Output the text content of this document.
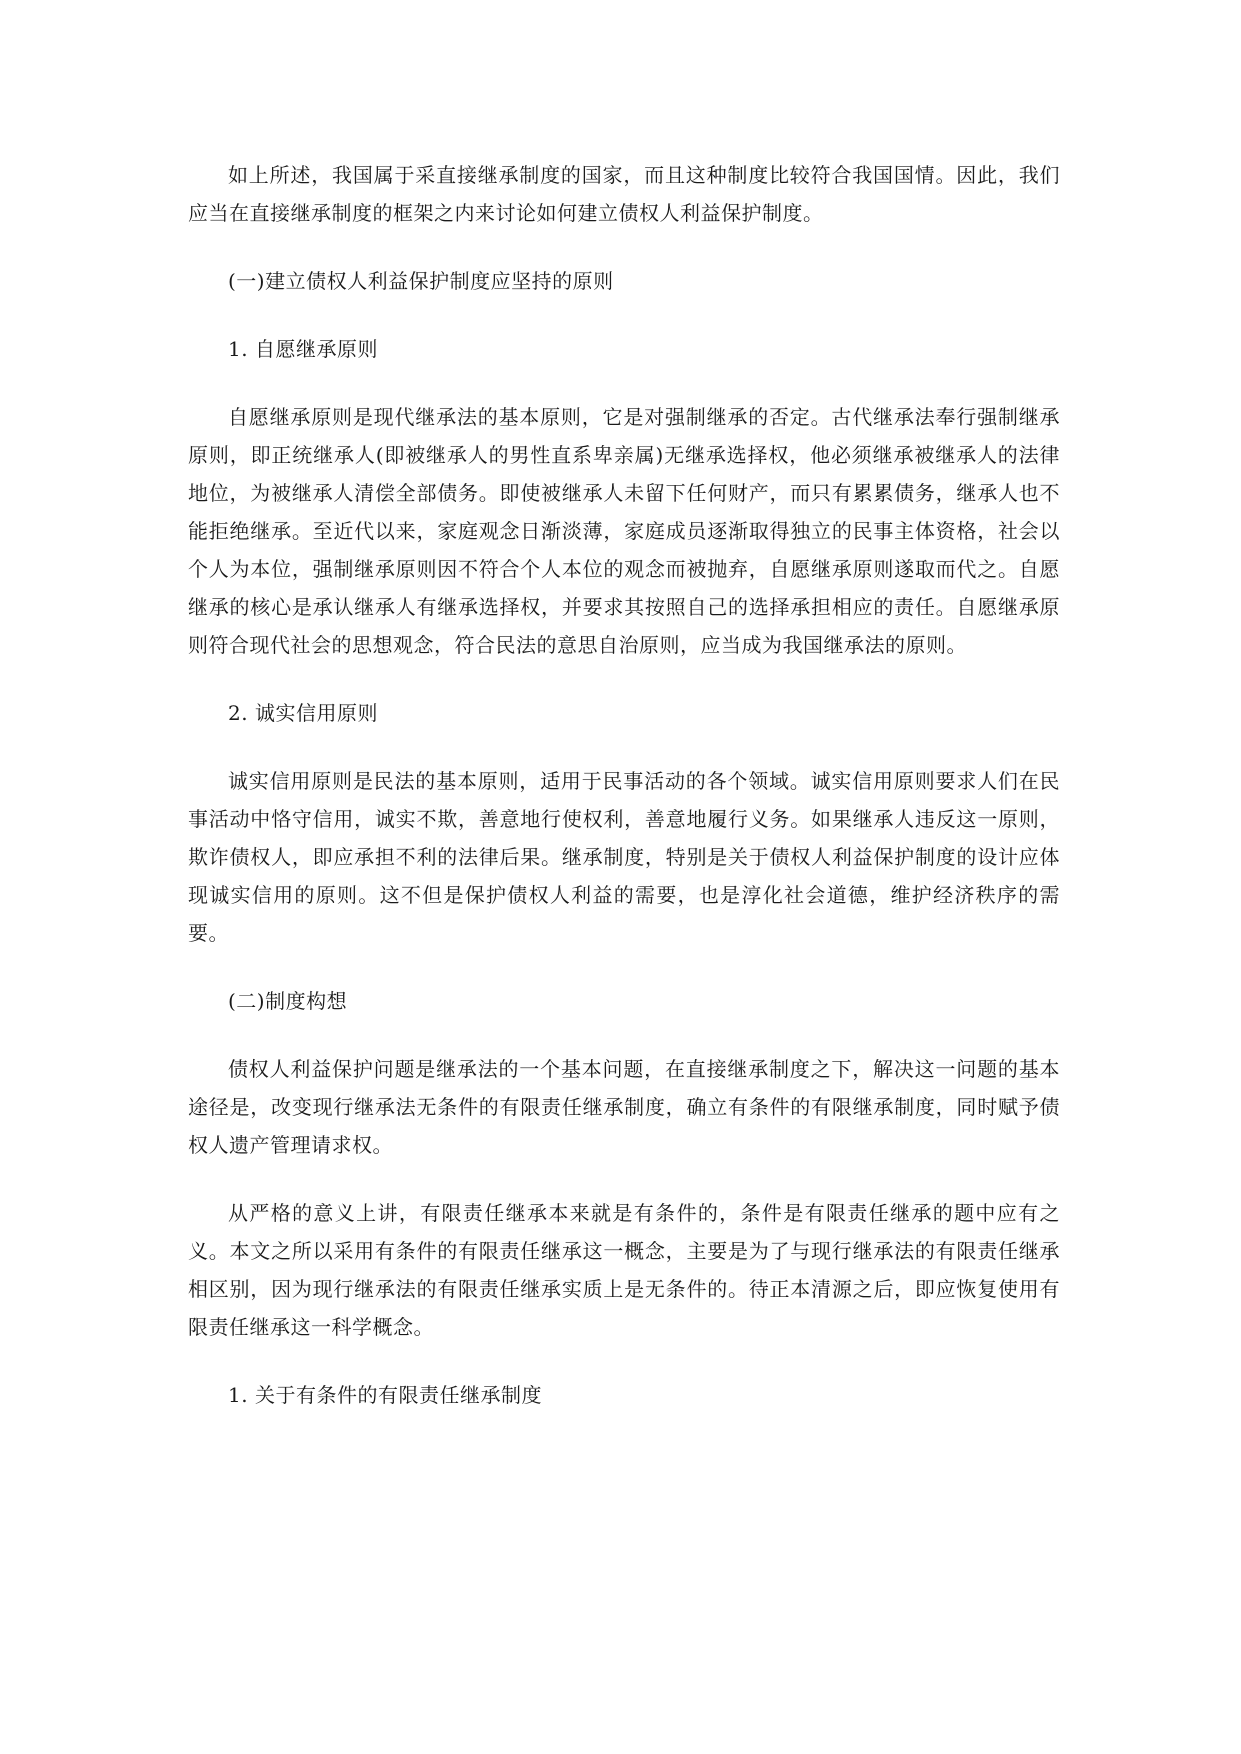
如上所述，我国属于采直接继承制度的国家，而且这种制度比较符合我国国情。因此，我们应当在直接继承制度的框架之内来讨论如何建立债权人利益保护制度。

(一)建立债权人利益保护制度应坚持的原则

1. 自愿继承原则

自愿继承原则是现代继承法的基本原则，它是对强制继承的否定。古代继承法奉行强制继承原则，即正统继承人(即被继承人的男性直系卑亲属)无继承选择权，他必须继承被继承人的法律地位，为被继承人清偿全部债务。即使被继承人未留下任何财产，而只有累累债务，继承人也不能拒绝继承。至近代以来，家庭观念日渐淡薄，家庭成员逐渐取得独立的民事主体资格，社会以个人为本位，强制继承原则因不符合个人本位的观念而被抛弃，自愿继承原则遂取而代之。自愿继承的核心是承认继承人有继承选择权，并要求其按照自己的选择承担相应的责任。自愿继承原则符合现代社会的思想观念，符合民法的意思自治原则，应当成为我国继承法的原则。

2. 诚实信用原则

诚实信用原则是民法的基本原则，适用于民事活动的各个领域。诚实信用原则要求人们在民事活动中恪守信用，诚实不欺，善意地行使权利，善意地履行义务。如果继承人违反这一原则，欺诈债权人，即应承担不利的法律后果。继承制度，特别是关于债权人利益保护制度的设计应体现诚实信用的原则。这不但是保护债权人利益的需要，也是淳化社会道德，维护经济秩序的需要。

(二)制度构想

债权人利益保护问题是继承法的一个基本问题，在直接继承制度之下，解决这一问题的基本途径是，改变现行继承法无条件的有限责任继承制度，确立有条件的有限继承制度，同时赋予债权人遗产管理请求权。

从严格的意义上讲，有限责任继承本来就是有条件的，条件是有限责任继承的题中应有之义。本文之所以采用有条件的有限责任继承这一概念，主要是为了与现行继承法的有限责任继承相区别，因为现行继承法的有限责任继承实质上是无条件的。待正本清源之后，即应恢复使用有限责任继承这一科学概念。

1. 关于有条件的有限责任继承制度
